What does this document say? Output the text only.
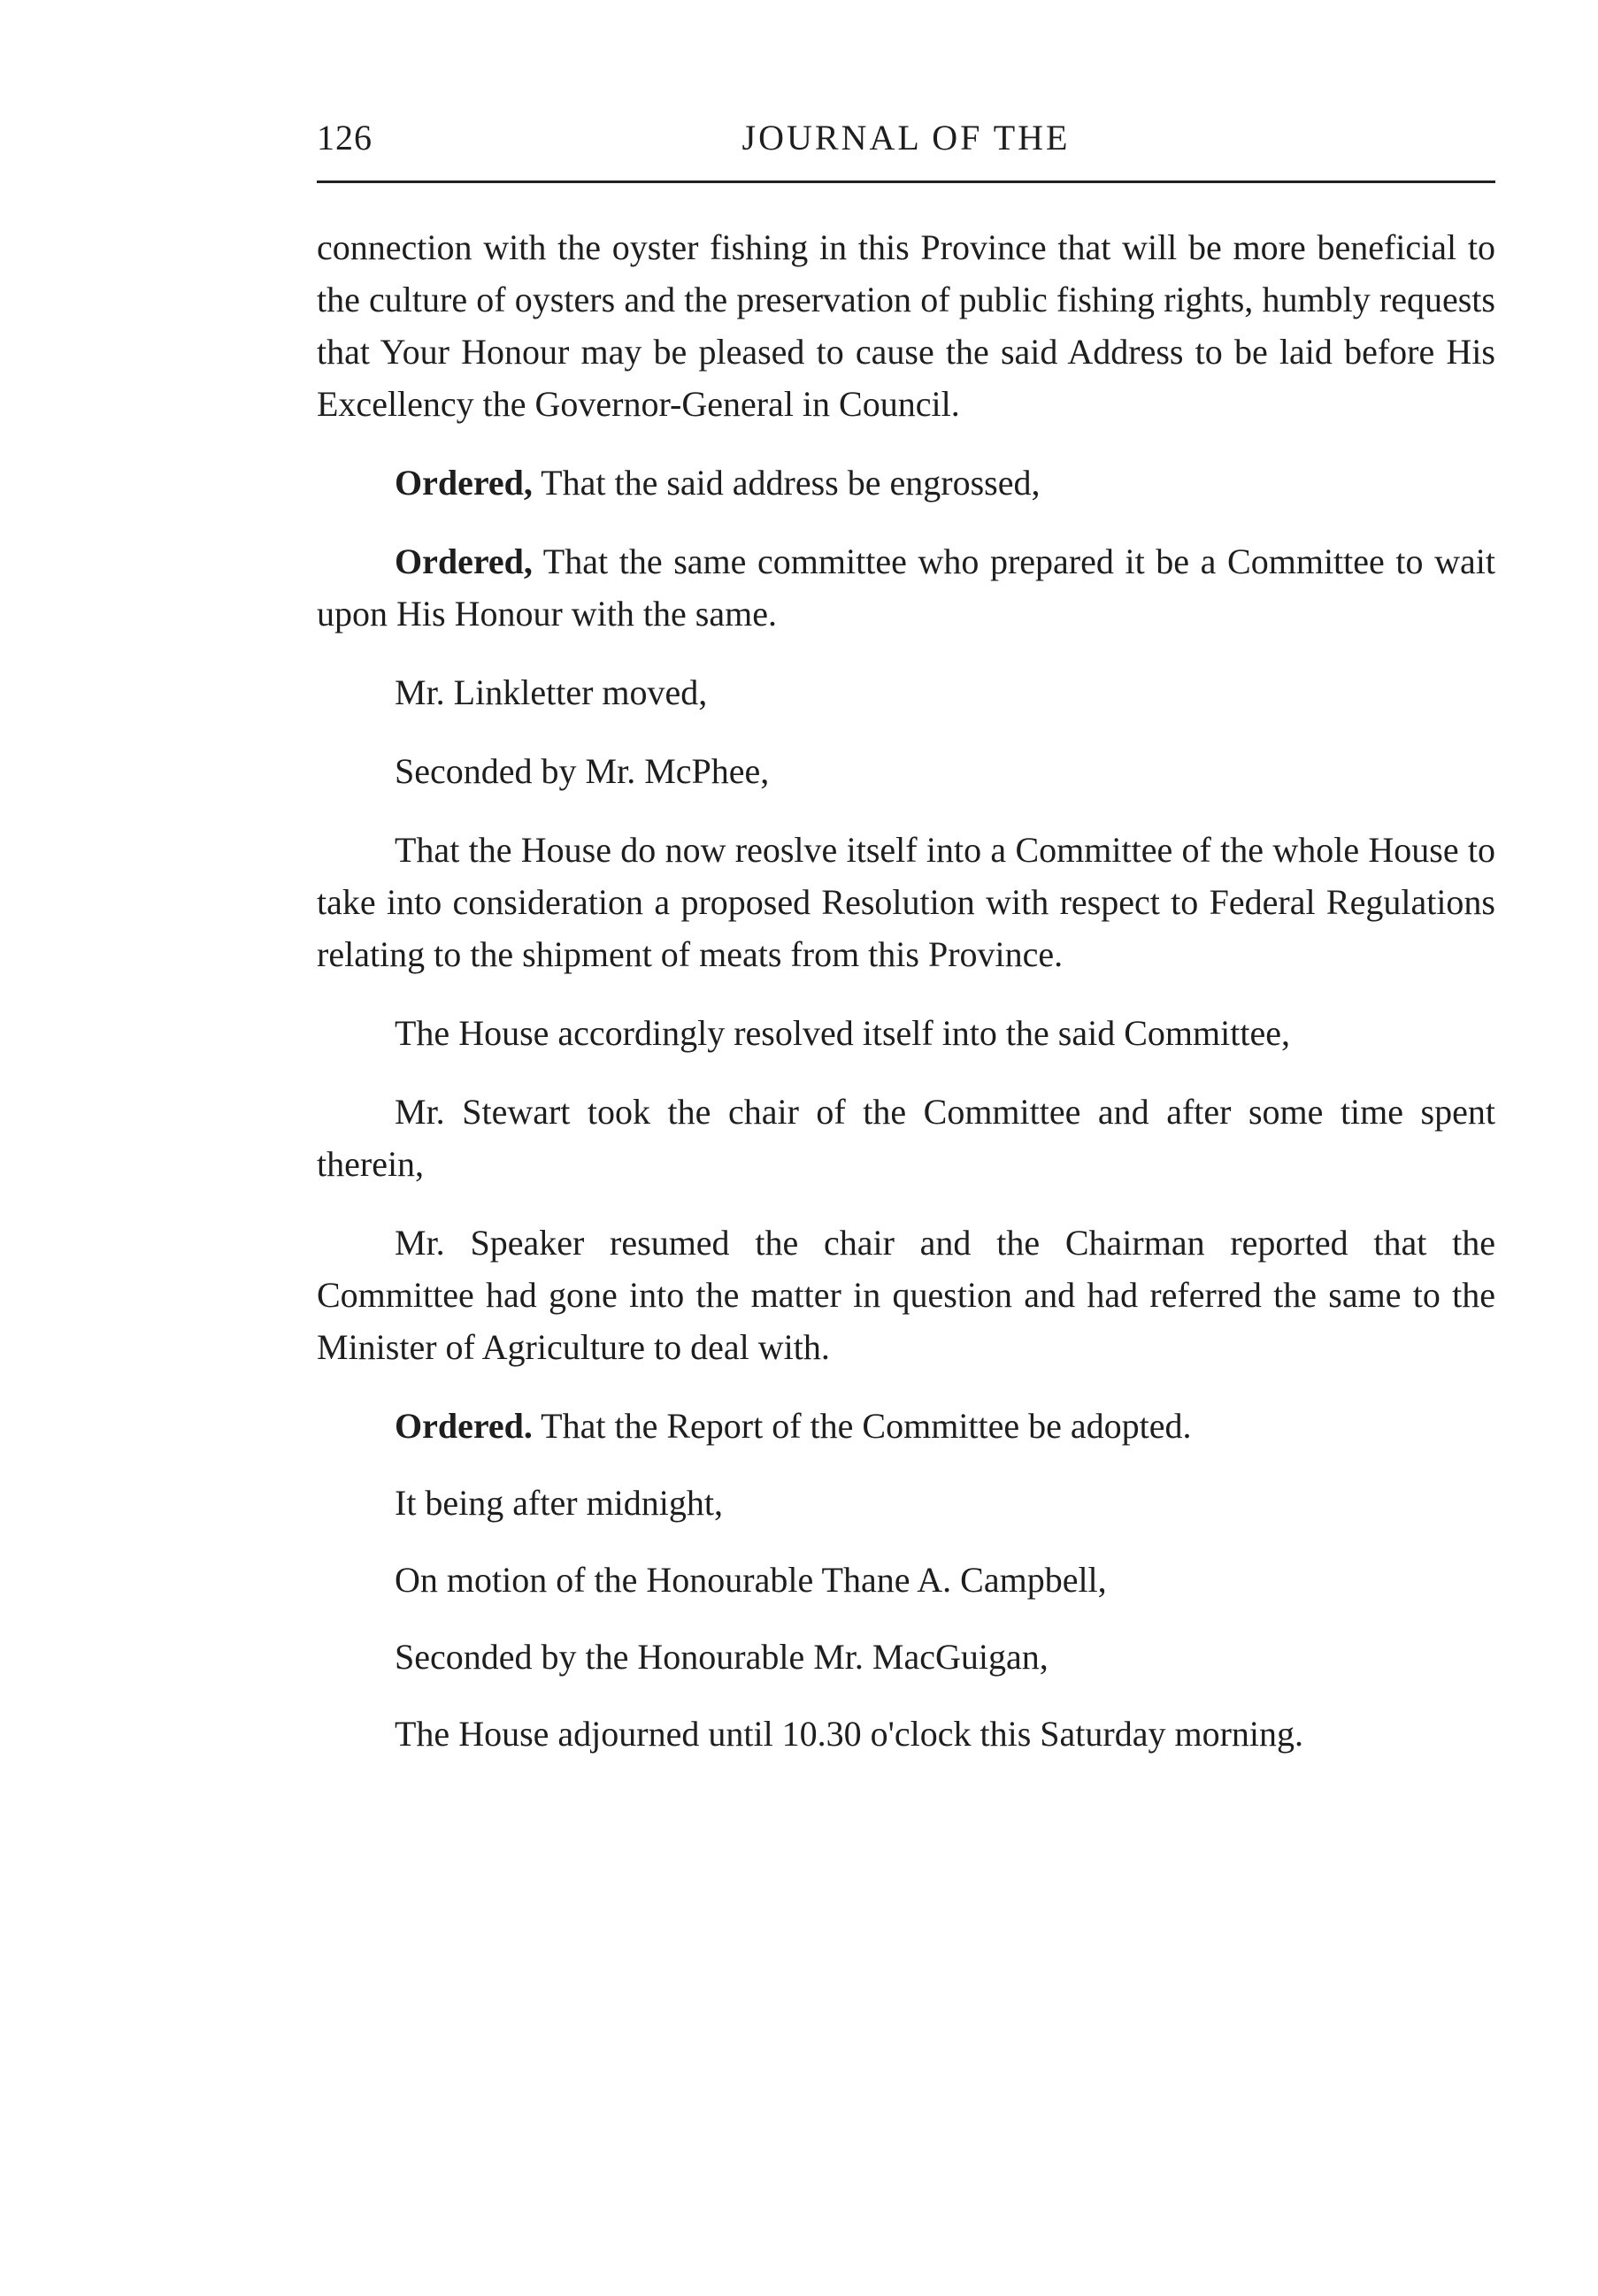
126	JOURNAL OF THE

connection with the oyster fishing in this Province that will be more beneficial to the culture of oysters and the preservation of public fishing rights, humbly requests that Your Honour may be pleased to cause the said Address to be laid before His Excellency the Governor-General in Council.

Ordered, That the said address be engrossed,

Ordered, That the same committee who prepared it be a Committee to wait upon His Honour with the same.

Mr. Linkletter moved,

Seconded by Mr. McPhee,

That the House do now reoslve itself into a Committee of the whole House to take into consideration a proposed Resolution with respect to Federal Regulations relating to the shipment of meats from this Province.

The House accordingly resolved itself into the said Committee,

Mr. Stewart took the chair of the Committee and after some time spent therein,

Mr. Speaker resumed the chair and the Chairman reported that the Committee had gone into the matter in question and had referred the same to the Minister of Agriculture to deal with.

Ordered. That the Report of the Committee be adopted.

It being after midnight,

On motion of the Honourable Thane A. Campbell,

Seconded by the Honourable Mr. MacGuigan,

The House adjourned until 10.30 o'clock this Saturday morning.
